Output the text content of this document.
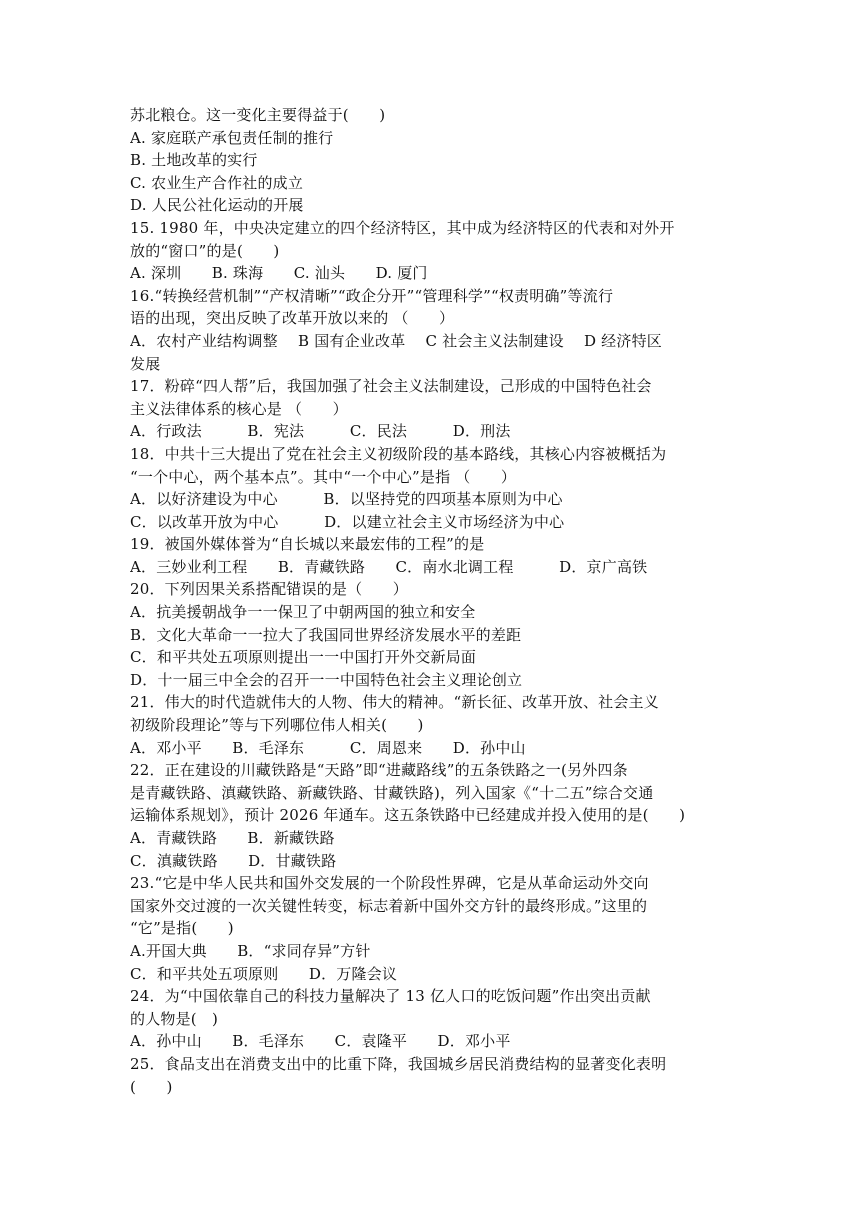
苏北粮仓。这一变化主要得益于(　　)
A. 家庭联产承包责任制的推行
B. 土地改革的实行
C. 农业生产合作社的成立
D. 人民公社化运动的开展
15. 1980 年，中央决定建立的四个经济特区，其中成为经济特区的代表和对外开
放的“窗口”的是(　　)
A. 深圳　　B. 珠海　　C. 汕头　　D. 厦门
16.“转换经营机制”“产权清晰”“政企分开”“管理科学”“权责明确”等流行
语的出现，突出反映了改革开放以来的 （　　）
A．农村产业结构调整　 B 国有企业改革　 C 社会主义法制建设　 D 经济特区
发展
17．粉碎“四人帮”后，我国加强了社会主义法制建设，己形成的中国特色社会
主义法律体系的核心是 （　　）
A．行政法　　　B．宪法　　　C．民法　　　D．刑法
18．中共十三大提出了党在社会主义初级阶段的基本路线，其核心内容被概括为
“一个中心，两个基本点”。其中“一个中心”是指 （　　）
A．以好济建设为中心　　　B．以坚持党的四项基本原则为中心
C．以改革开放为中心　　　D．以建立社会主义市场经济为中心
19．被国外媒体誉为“自长城以来最宏伟的工程”的是
A．三妙业利工程　　B．青藏铁路　　C．南水北调工程　　　D．京广高铁
20．下列因果关系搭配错误的是（　　）
A．抗美援朝战争一一保卫了中朝两国的独立和安全
B．文化大革命一一拉大了我国同世界经济发展水平的差距
C．和平共处五项原则提出一一中国打开外交新局面
D．十一届三中全会的召开一一中国特色社会主义理论创立
21．伟大的时代造就伟大的人物、伟大的精神。“新长征、改革开放、社会主义
初级阶段理论”等与下列哪位伟人相关(　　)
A．邓小平　　B．毛泽东　　　C．周恩来　　D．孙中山
22．正在建设的川藏铁路是“天路”即“进藏路线”的五条铁路之一(另外四条
是青藏铁路、滇藏铁路、新藏铁路、甘藏铁路)，列入国家《“十二五”综合交通
运输体系规划》，预计 2026 年通车。这五条铁路中已经建成并投入使用的是(　　)
A．青藏铁路　　B．新藏铁路
C．滇藏铁路　　D．甘藏铁路
23.“它是中华人民共和国外交发展的一个阶段性界碑，它是从革命运动外交向
国家外交过渡的一次关键性转变，标志着新中国外交方针的最终形成。”这里的
“它”是指(　　)
A.开国大典　　B．“求同存异”方针
C．和平共处五项原则　　D．万隆会议
24．为“中国依靠自己的科技力量解决了 13 亿人口的吃饭问题”作出突出贡献
的人物是(　)
A．孙中山　　B．毛泽东　　C．袁隆平　　D．邓小平
25．食品支出在消费支出中的比重下降，我国城乡居民消费结构的显著变化表明
(　　)
